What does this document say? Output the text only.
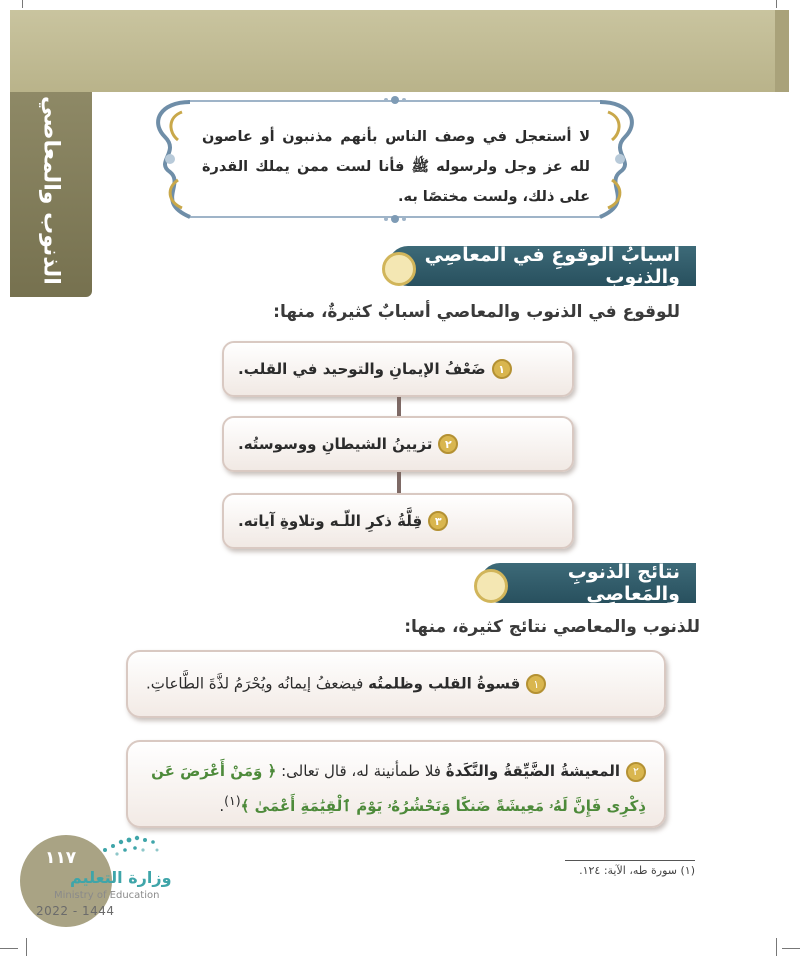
الذنوب والمعاصي	لا أستعجل في وصف الناس بأنهم مذنبون أو عاصون لله عز وجل ولرسوله ﷺ فأنا لست ممن يملك القدرة على ذلك، ولست مختصًا به.
أسبابُ الوقوعِ في المعاصِي والذنوب
للوقوع في الذنوب والمعاصي أسبابٌ كثيرةٌ، منها:
١
ضَعْفُ الإيمانِ والتوحيد في القلب.
٢
تزيينُ الشيطانِ ووسوستُه.
٣
قِلَّةُ ذكرِ اللّـه وتلاوةِ آياته.
نتائج الذنوبِ والمَعاصِي
للذنوب والمعاصي نتائج كثيرة، منها:
١قسوةُ القلب وظلمتُه فيضعفُ إيمانُه ويُحْرَمُ لذَّةَ الطَّاعاتِ.
٢المعيشةُ الضَّيِّقةُ والنَّكَدةُ فلا طمأنينة له، قال تعالى: ﴿ وَمَنْ أَعْرَضَ عَن ذِكْرِى فَإِنَّ لَهُۥ مَعِيشَةً ضَنكًا وَنَحْشُرُهُۥ يَوْمَ ٱلْقِيَٰمَةِ أَعْمَىٰ ﴾$^{(١)}$.
(١) سورة طه، الآية: ١٢٤.
١١٧
وزارة التعليم
Ministry of Education
2022 - 1444
